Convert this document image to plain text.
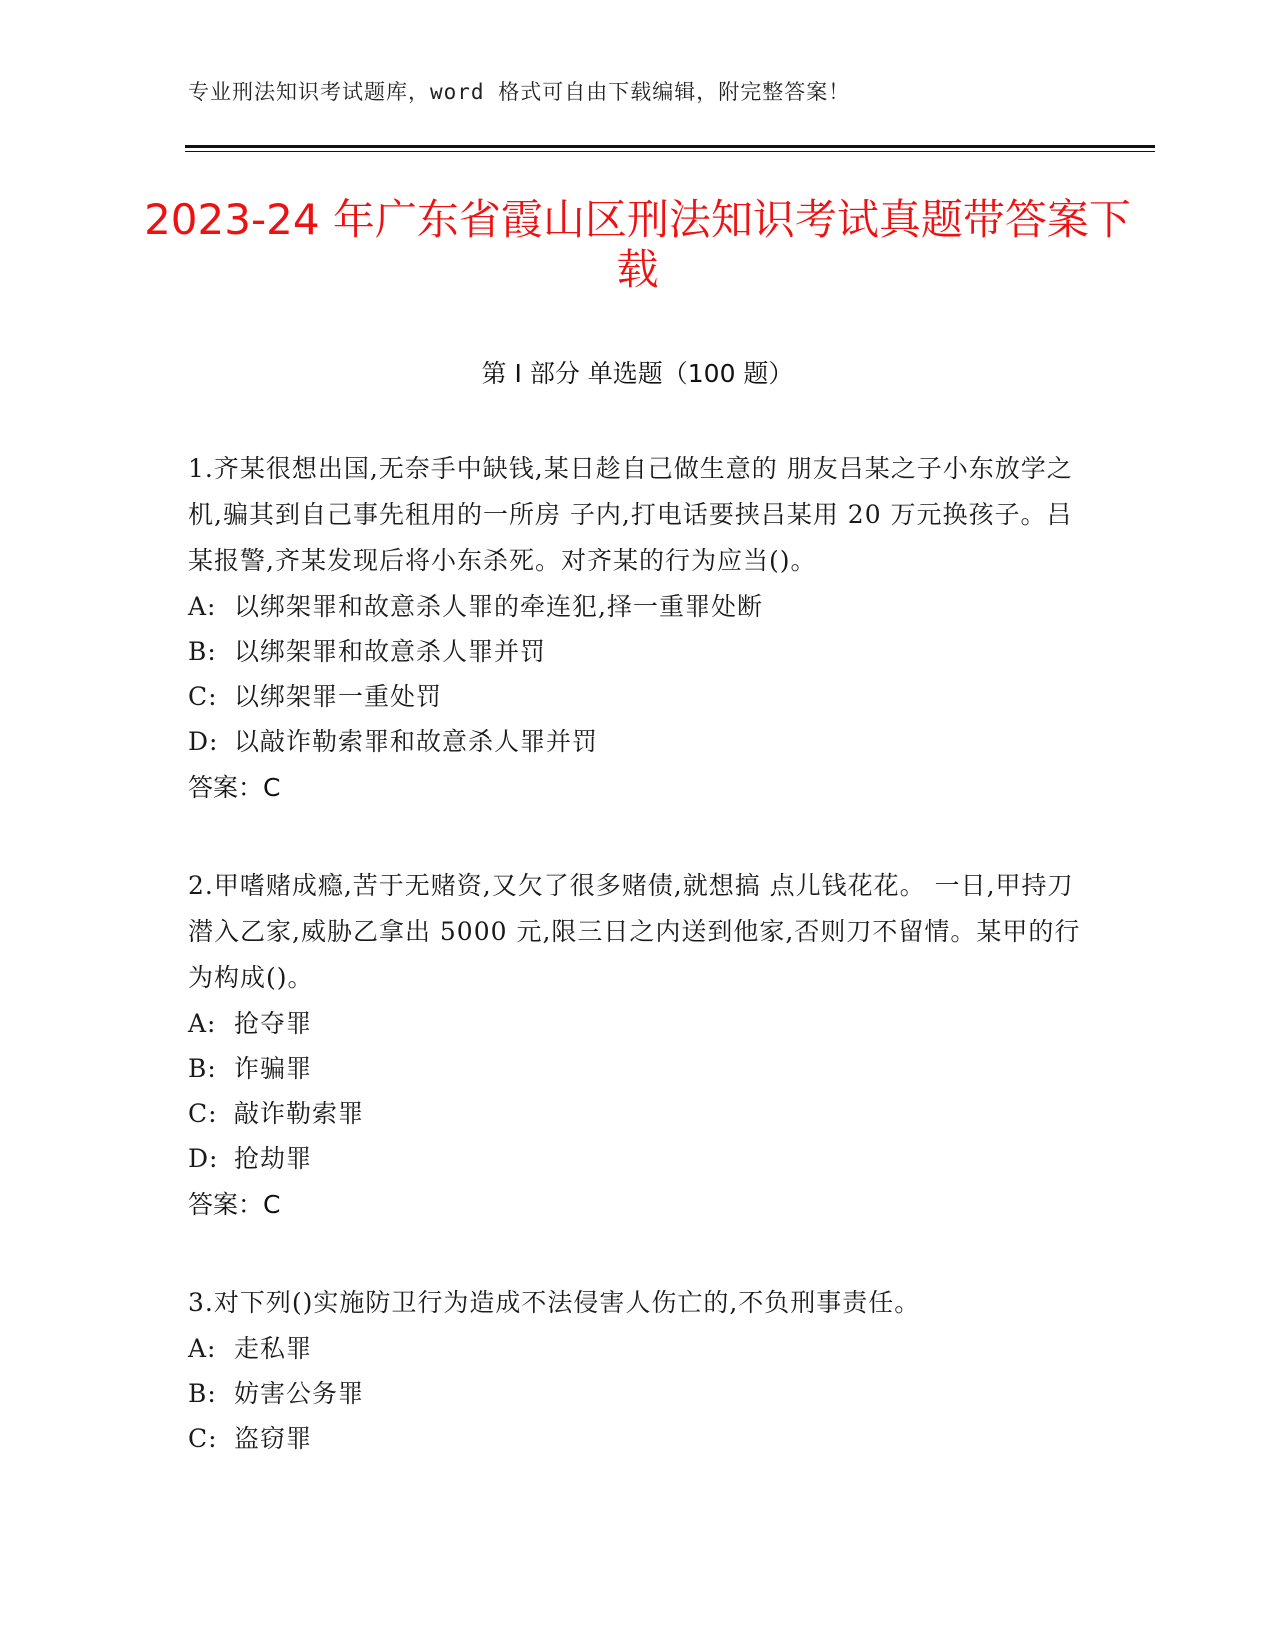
专业刑法知识考试题库，word 格式可自由下载编辑，附完整答案！
2023-24 年广东省霞山区刑法知识考试真题带答案下载
第 I 部分 单选题（100 题）
1.齐某很想出国,无奈手中缺钱,某日趁自己做生意的 朋友吕某之子小东放学之机,骗其到自己事先租用的一所房 子内,打电话要挟吕某用 20 万元换孩子。吕某报警,齐某发现后将小东杀死。对齐某的行为应当()。
A: 以绑架罪和故意杀人罪的牵连犯,择一重罪处断
B: 以绑架罪和故意杀人罪并罚
C: 以绑架罪一重处罚
D: 以敲诈勒索罪和故意杀人罪并罚
答案：C
2.甲嗜赌成瘾,苦于无赌资,又欠了很多赌债,就想搞 点儿钱花花。 一日,甲持刀潜入乙家,威胁乙拿出 5000 元,限三日之内送到他家,否则刀不留情。某甲的行为构成()。
A: 抢夺罪
B: 诈骗罪
C: 敲诈勒索罪
D: 抢劫罪
答案：C
3.对下列()实施防卫行为造成不法侵害人伤亡的,不负刑事责任。
A: 走私罪
B: 妨害公务罪
C: 盗窃罪
